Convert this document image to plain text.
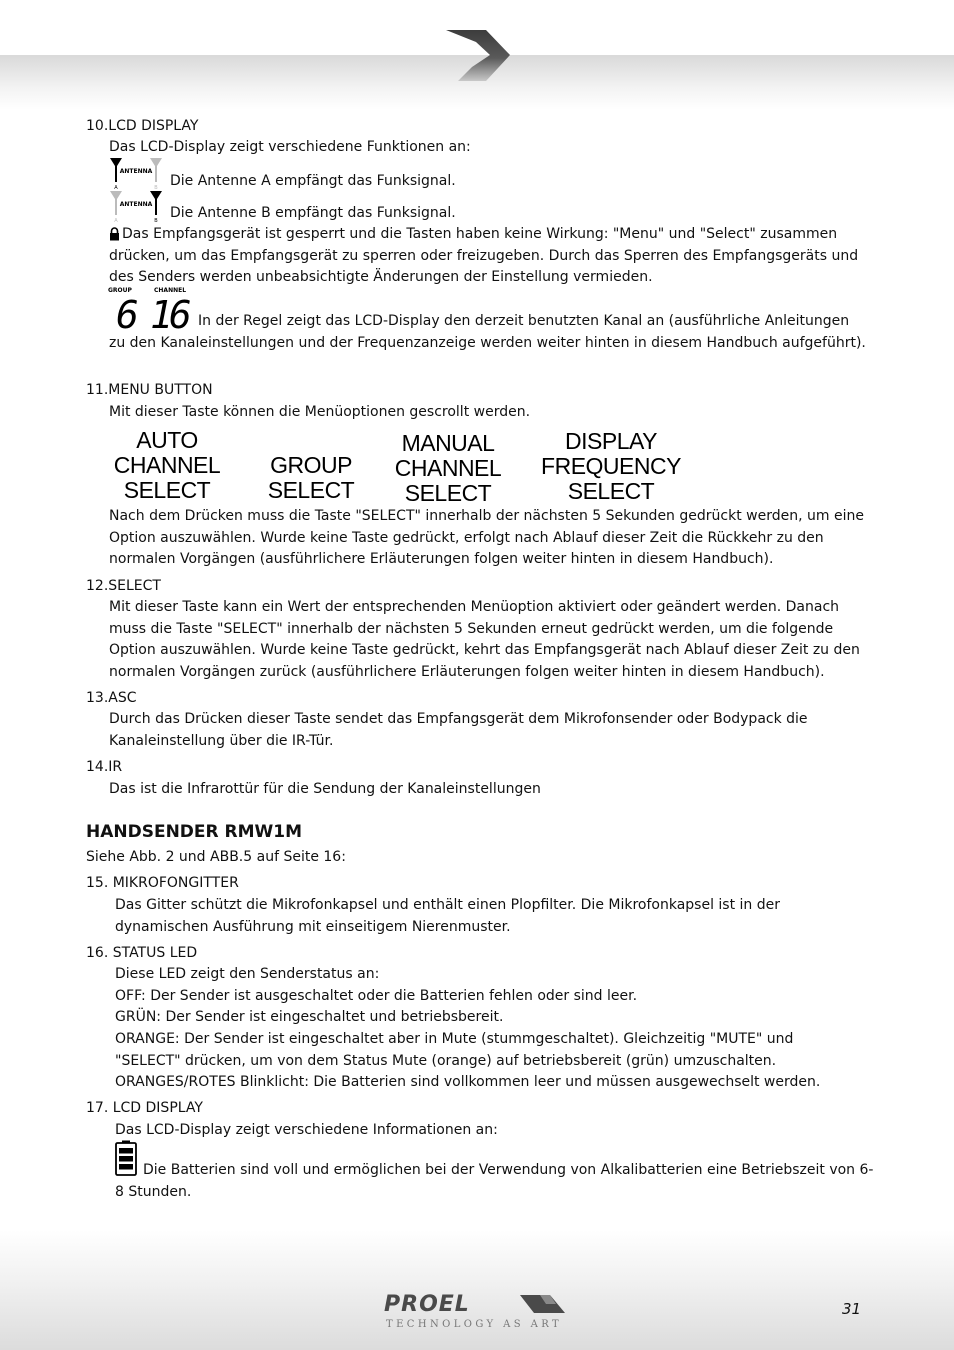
10.LCD DISPLAY
Das LCD-Display zeigt verschiedene Funktionen an:
ANTENNA
A	B Die Antenne A empfängt das Funksignal.
ANTENNA
A	B Die Antenne B empfängt das Funksignal.
Das Empfangsgerät ist gesperrt und die Tasten haben keine Wirkung: "Menu" und "Select" zusammen drücken, um das Empfangsgerät zu sperren oder freizugeben. Durch das Sperren des Empfangsgeräts und des Senders werden unbeabsichtigte Änderungen der Einstellung vermieden.
GROUP	CHANNEL
6 16 In der Regel zeigt das LCD-Display den derzeit benutzten Kanal an (ausführliche Anleitungen zu den Kanaleinstellungen und der Frequenzanzeige werden weiter hinten in diesem Handbuch aufgeführt).
11.MENU BUTTON
Mit dieser Taste können die Menüoptionen gescrollt werden.
AUTO
CHANNEL
SELECT
GROUP
SELECT
MANUAL
CHANNEL
SELECT
DISPLAY
FREQUENCY
SELECT
Nach dem Drücken muss die Taste "SELECT" innerhalb der nächsten 5 Sekunden gedrückt werden, um eine Option auszuwählen. Wurde keine Taste gedrückt, erfolgt nach Ablauf dieser Zeit die Rückkehr zu den normalen Vorgängen (ausführlichere Erläuterungen folgen weiter hinten in diesem Handbuch).
12.SELECT
Mit dieser Taste kann ein Wert der entsprechenden Menüoption aktiviert oder geändert werden. Danach muss die Taste "SELECT" innerhalb der nächsten 5 Sekunden erneut gedrückt werden, um die folgende Option auszuwählen. Wurde keine Taste gedrückt, kehrt das Empfangsgerät nach Ablauf dieser Zeit zu den normalen Vorgängen zurück (ausführlichere Erläuterungen folgen weiter hinten in diesem Handbuch).
13.ASC
Durch das Drücken dieser Taste sendet das Empfangsgerät dem Mikrofonsender oder Bodypack die Kanaleinstellung über die IR-Tür.
14.IR
Das ist die Infrarottür für die Sendung der Kanaleinstellungen
HANDSENDER RMW1M
Siehe Abb. 2 und ABB.5 auf Seite 16:
15. MIKROFONGITTER
Das Gitter schützt die Mikrofonkapsel und enthält einen Plopfilter. Die Mikrofonkapsel ist in der dynamischen Ausführung mit einseitigem Nierenmuster.
16. STATUS LED
Diese LED zeigt den Senderstatus an:
OFF: Der Sender ist ausgeschaltet oder die Batterien fehlen oder sind leer.
GRÜN: Der Sender ist eingeschaltet und betriebsbereit.
ORANGE: Der Sender ist eingeschaltet aber in Mute (stummgeschaltet). Gleichzeitig "MUTE" und "SELECT" drücken, um von dem Status Mute (orange) auf betriebsbereit (grün) umzuschalten.
ORANGES/ROTES Blinklicht: Die Batterien sind vollkommen leer und müssen ausgewechselt werden.
17. LCD DISPLAY
Das LCD-Display zeigt verschiedene Informationen an:
Die Batterien sind voll und ermöglichen bei der Verwendung von Alkalibatterien eine Betriebszeit von 6-8 Stunden.
PROEL
TECHNOLOGY AS ART
31
